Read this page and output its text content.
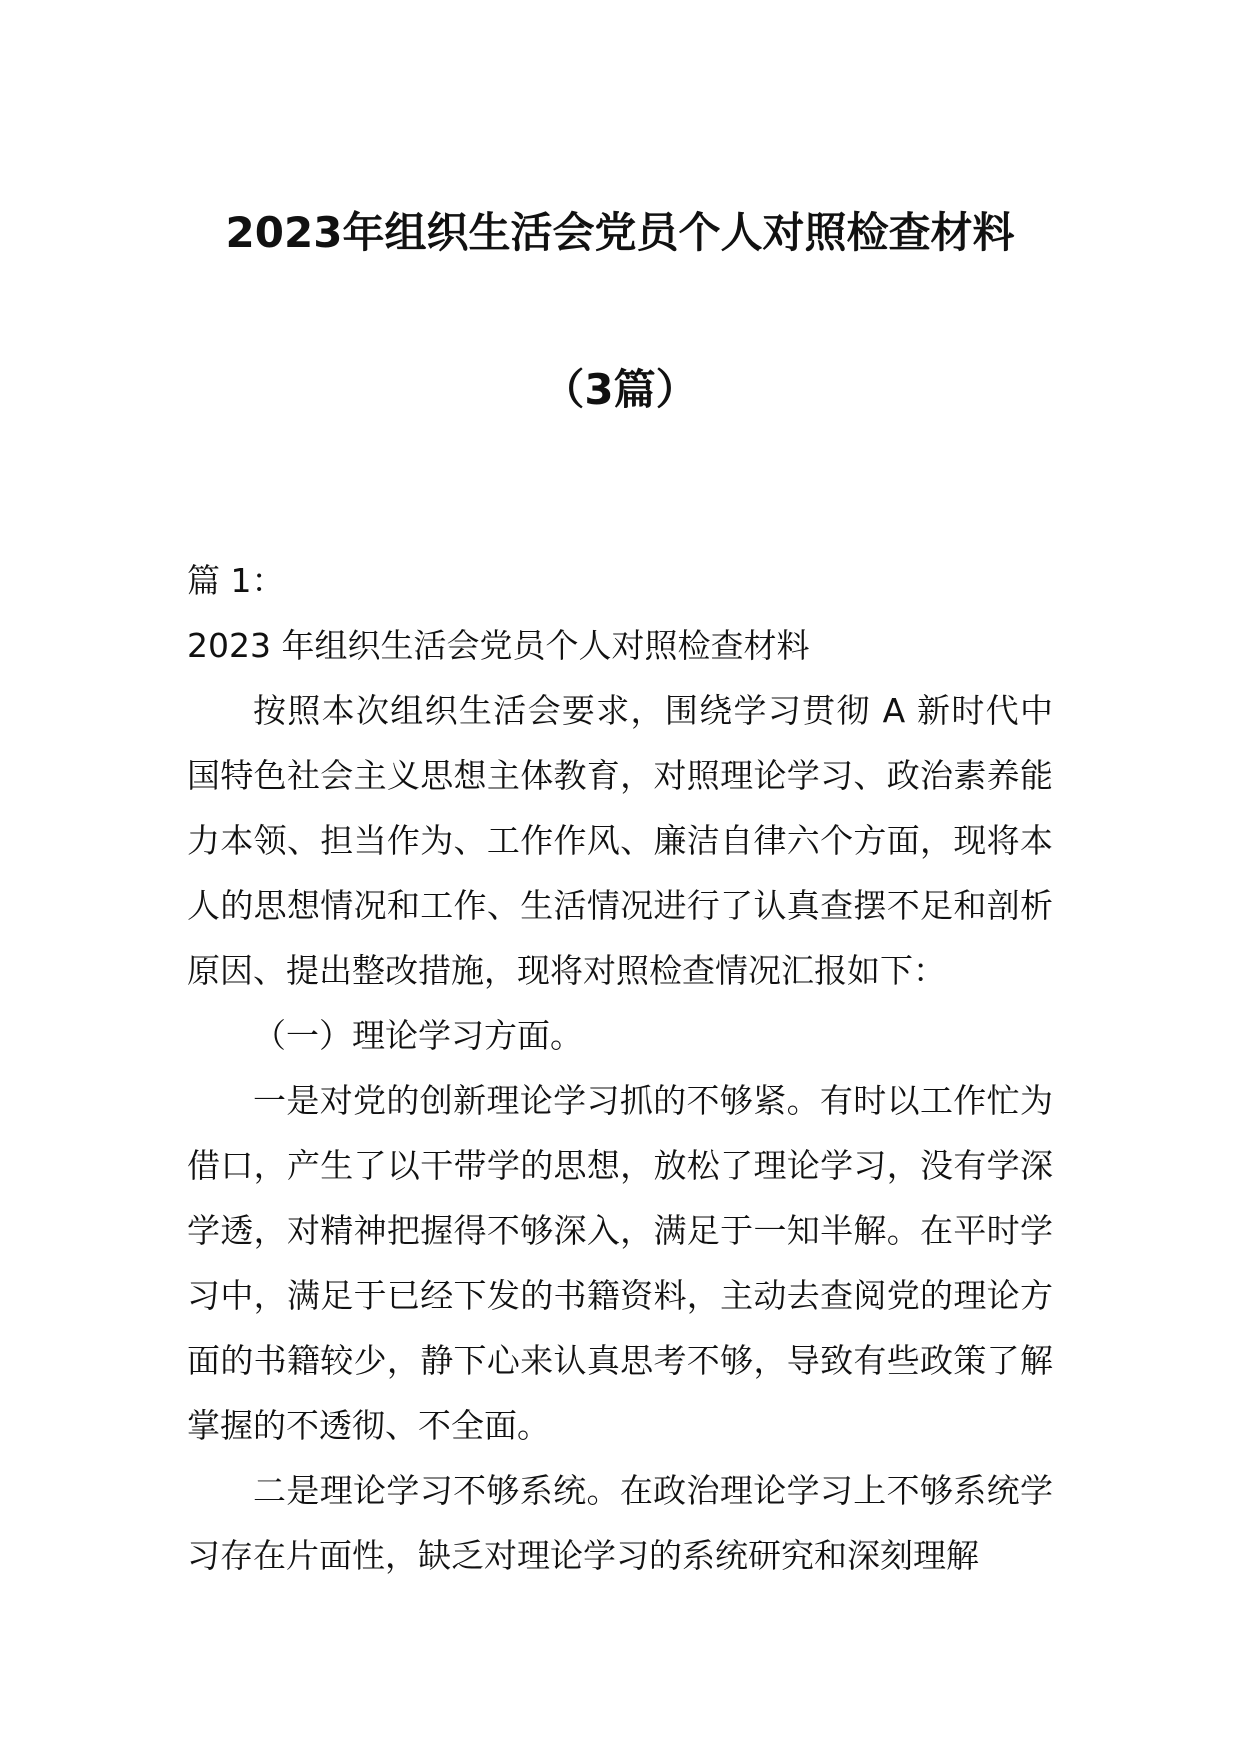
2023年组织生活会党员个人对照检查材料
（3篇）

篇 1：

2023 年组织生活会党员个人对照检查材料

按照本次组织生活会要求，围绕学习贯彻 A 新时代中国特色社会主义思想主体教育，对照理论学习、政治素养能力本领、担当作为、工作作风、廉洁自律六个方面，现将本人的思想情况和工作、生活情况进行了认真查摆不足和剖析原因、提出整改措施，现将对照检查情况汇报如下：

（一）理论学习方面。

一是对党的创新理论学习抓的不够紧。有时以工作忙为借口，产生了以干带学的思想，放松了理论学习，没有学深学透，对精神把握得不够深入，满足于一知半解。在平时学习中，满足于已经下发的书籍资料，主动去查阅党的理论方面的书籍较少，静下心来认真思考不够，导致有些政策了解掌握的不透彻、不全面。

二是理论学习不够系统。在政治理论学习上不够系统学习存在片面性，缺乏对理论学习的系统研究和深刻理解
